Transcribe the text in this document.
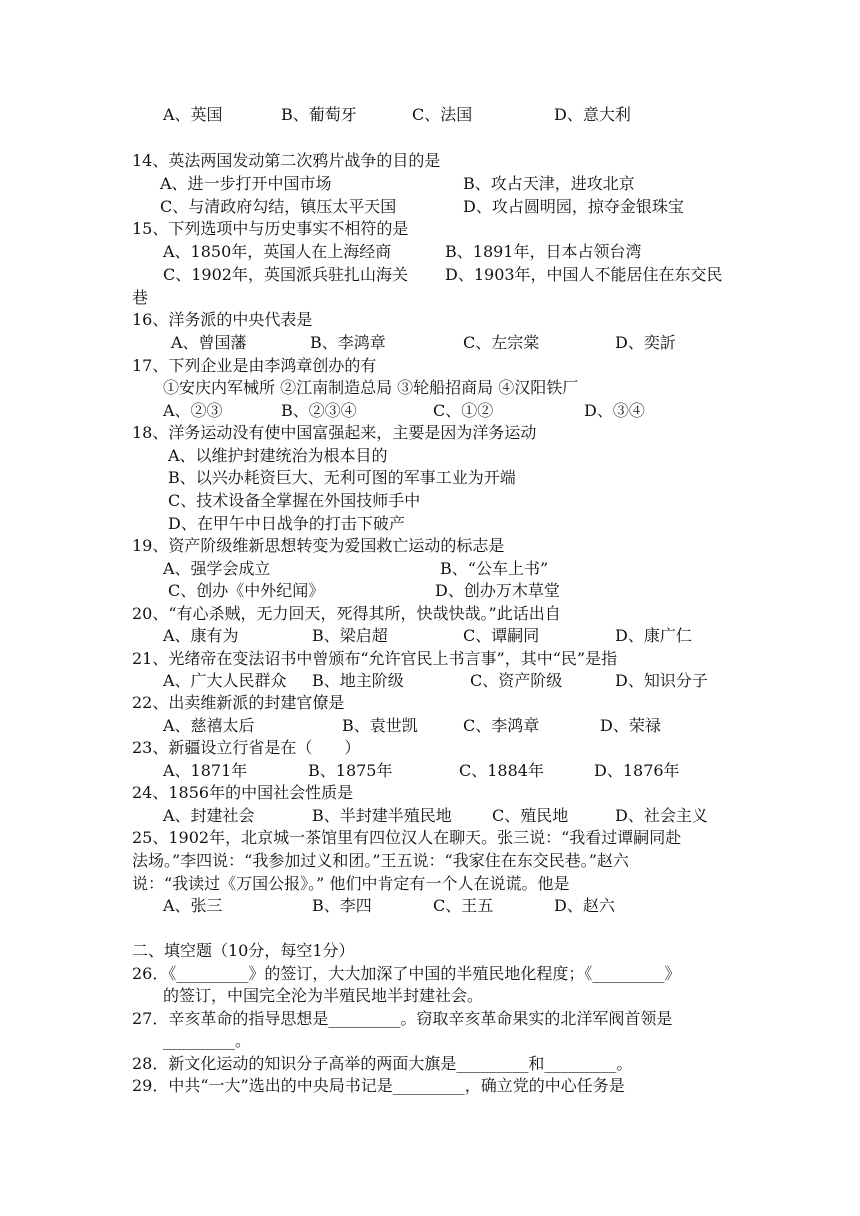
A、英国	B、葡萄牙	C、法国	D、意大利
14、英法两国发动第二次鸦片战争的目的是
A、进一步打开中国市场	B、攻占天津，进攻北京
C、与清政府勾结，镇压太平天国	D、攻占圆明园，掠夺金银珠宝
15、下列选项中与历史事实不相符的是
A、1850年，英国人在上海经商	B、1891年，日本占领台湾
C、1902年，英国派兵驻扎山海关 D、1903年，中国人不能居住在东交民
巷
16、洋务派的中央代表是
A、曾国藩	B、李鸿章	C、左宗棠	D、奕訢
17、下列企业是由李鸿章创办的有
①安庆内军械所 ②江南制造总局 ③轮船招商局 ④汉阳铁厂
A、②③	B、②③④	C、①②	D、③④
18、洋务运动没有使中国富强起来，主要是因为洋务运动
A、以维护封建统治为根本目的
B、以兴办耗资巨大、无利可图的军事工业为开端
C、技术设备全掌握在外国技师手中
D、在甲午中日战争的打击下破产
19、资产阶级维新思想转变为爱国救亡运动的标志是
A、强学会成立	B、“公车上书”
C、创办《中外纪闻》	D、创办万木草堂
20、“有心杀贼，无力回天，死得其所，快哉快哉。”此话出自
A、康有为	B、梁启超	C、谭嗣同	D、康广仁
21、光绪帝在变法诏书中曾颁布“允许官民上书言事”，其中“民”是指
A、广大人民群众 B、地主阶级	C、资产阶级	D、知识分子
22、出卖维新派的封建官僚是
A、慈禧太后	B、袁世凯	C、李鸿章	D、荣禄
23、新疆设立行省是在（　　）
A、1871年	B、1875年	C、1884年	D、1876年
24、1856年的中国社会性质是
A、封建社会	B、半封建半殖民地	C、殖民地	D、社会主义
25、1902年，北京城一茶馆里有四位汉人在聊天。张三说：“我看过谭嗣同赴
法场。”李四说：“我参加过义和团。”王五说：“我家住在东交民巷。”赵六
说：“我读过《万国公报》。” 他们中肯定有一个人在说谎。他是
A、张三	B、李四	C、王五	D、赵六
二、填空题（10分，每空1分）
26．《_________》的签订，大大加深了中国的半殖民地化程度；《_________》
的签订，中国完全沦为半殖民地半封建社会。
27．辛亥革命的指导思想是_________。窃取辛亥革命果实的北洋军阀首领是
_________。
28．新文化运动的知识分子高举的两面大旗是_________和_________。
29．中共“一大”选出的中央局书记是_________，确立党的中心任务是
